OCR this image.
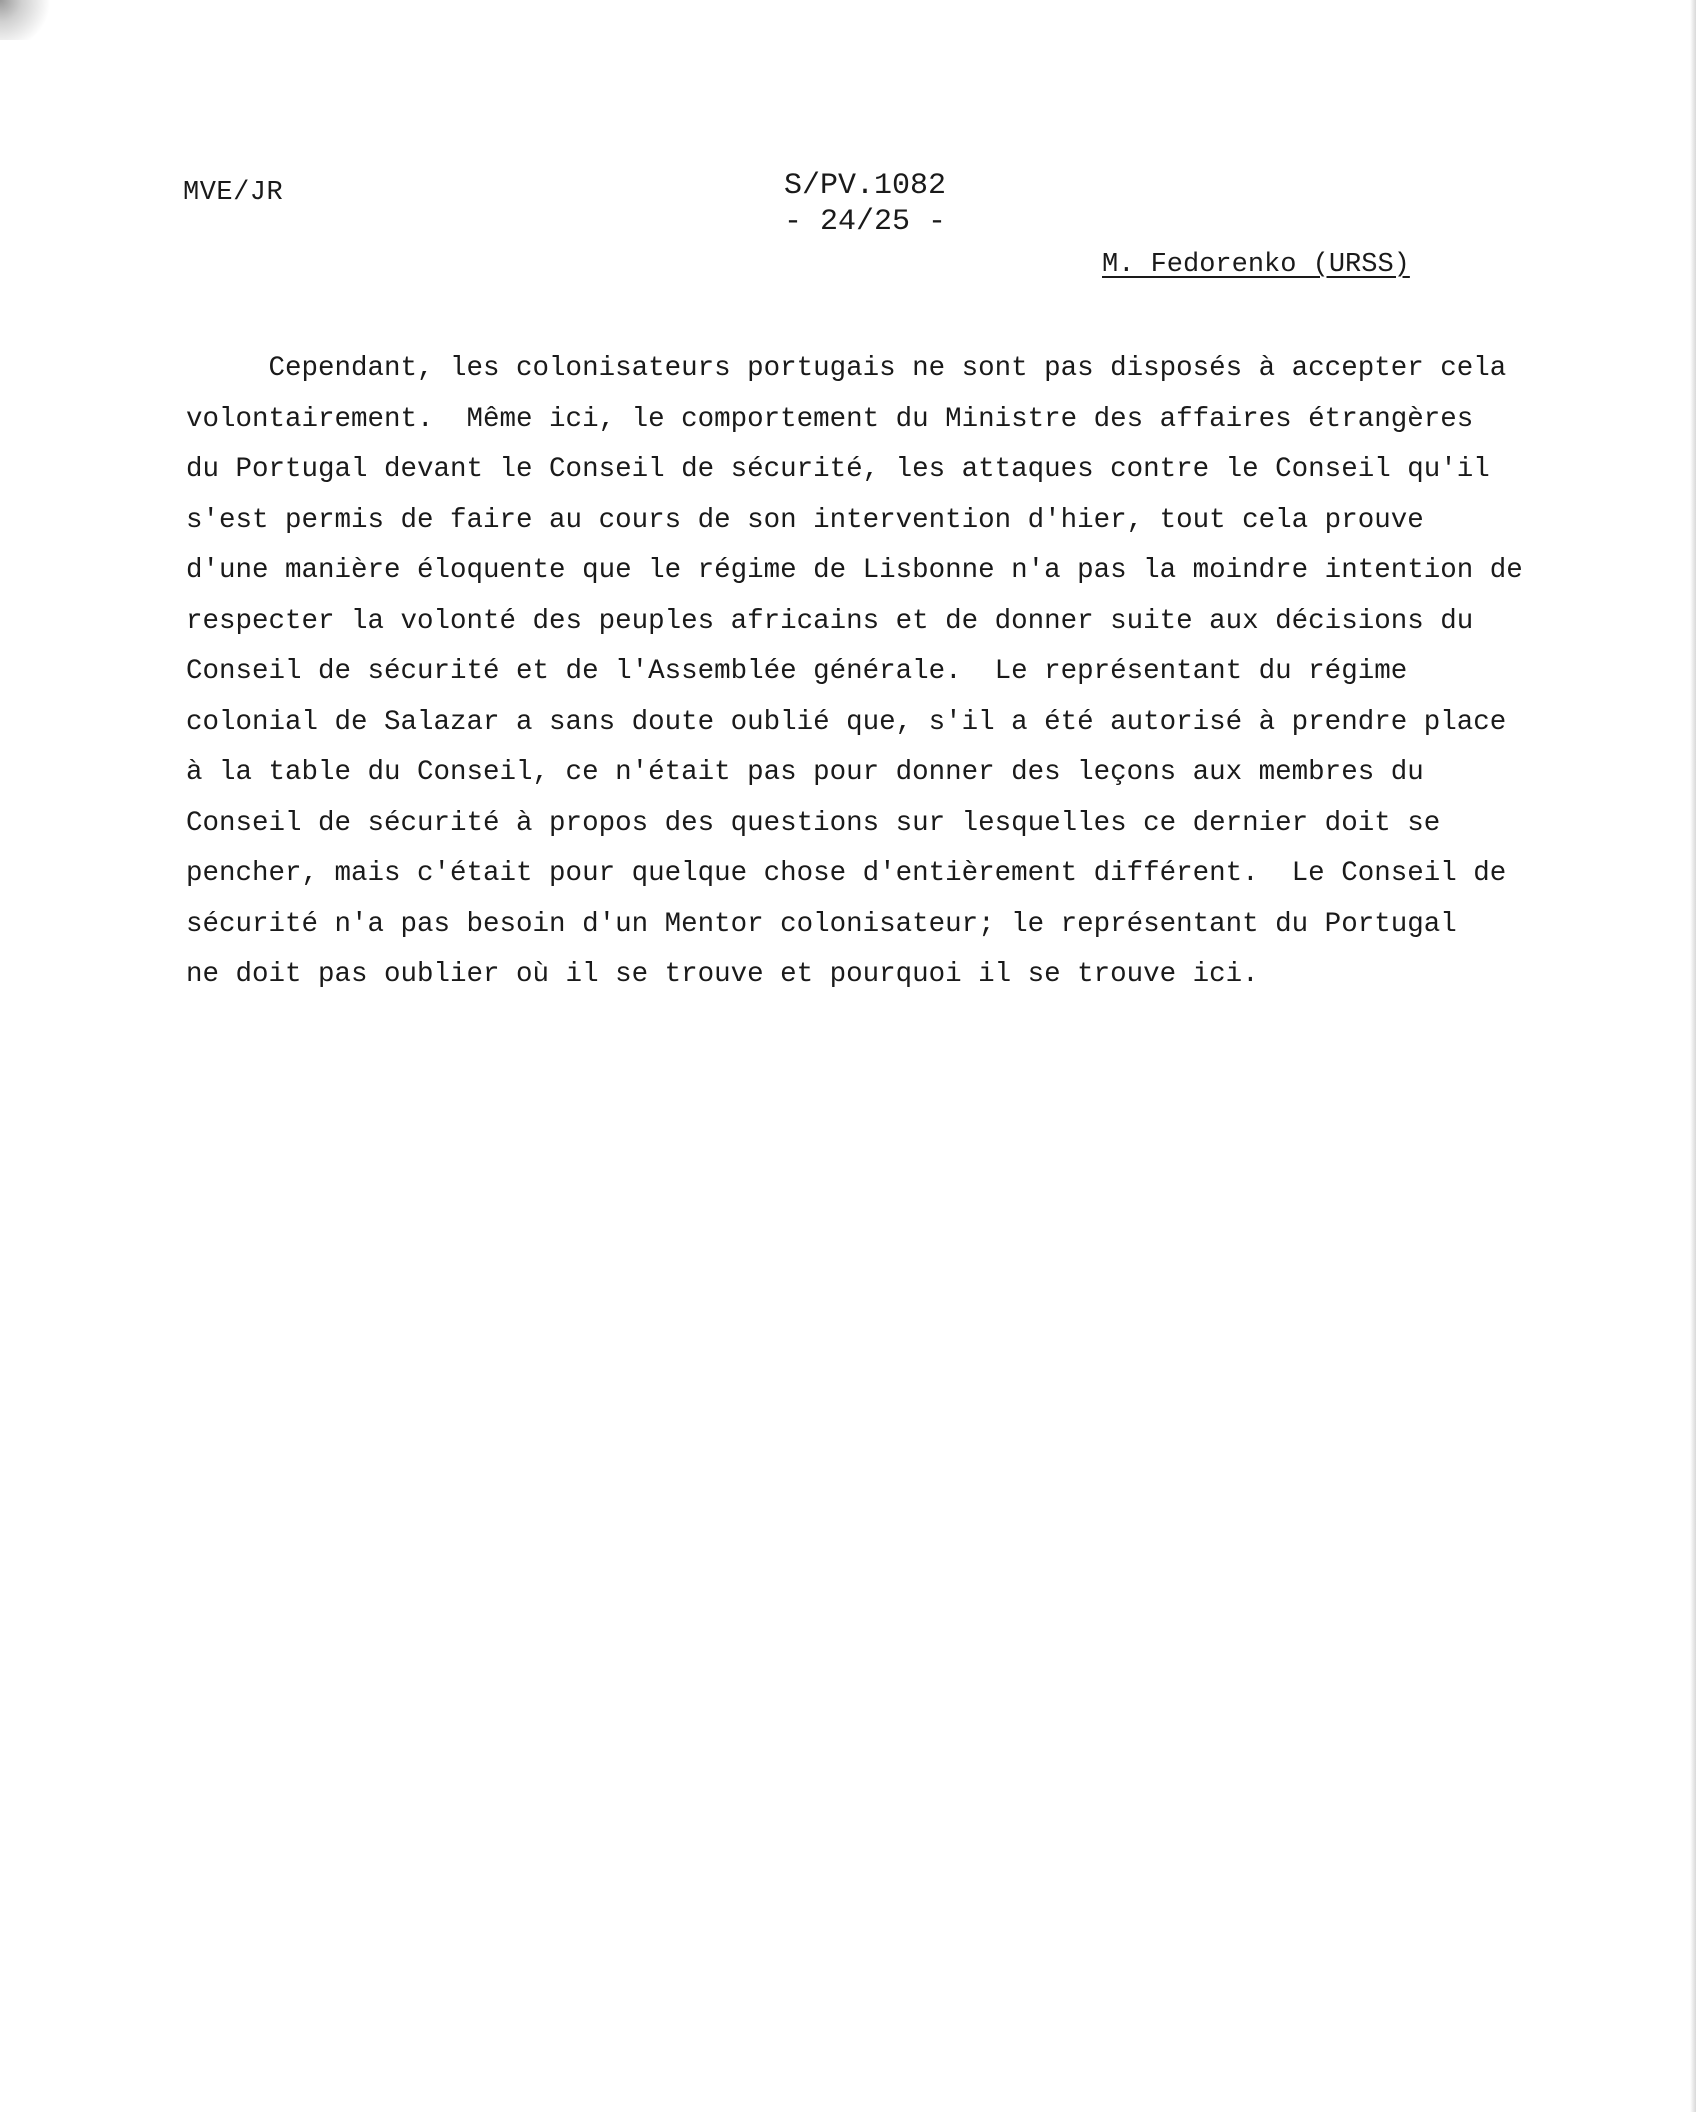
MVE/JR	S/PV.1082
- 24/25 -
M. Fedorenko (URSS)
Cependant, les colonisateurs portugais ne sont pas disposés à accepter cela
volontairement.  Même ici, le comportement du Ministre des affaires étrangères
du Portugal devant le Conseil de sécurité, les attaques contre le Conseil qu'il
s'est permis de faire au cours de son intervention d'hier, tout cela prouve
d'une manière éloquente que le régime de Lisbonne n'a pas la moindre intention de
respecter la volonté des peuples africains et de donner suite aux décisions du
Conseil de sécurité et de l'Assemblée générale.  Le représentant du régime
colonial de Salazar a sans doute oublié que, s'il a été autorisé à prendre place
à la table du Conseil, ce n'était pas pour donner des leçons aux membres du
Conseil de sécurité à propos des questions sur lesquelles ce dernier doit se
pencher, mais c'était pour quelque chose d'entièrement différent.  Le Conseil de
sécurité n'a pas besoin d'un Mentor colonisateur; le représentant du Portugal
ne doit pas oublier où il se trouve et pourquoi il se trouve ici.
